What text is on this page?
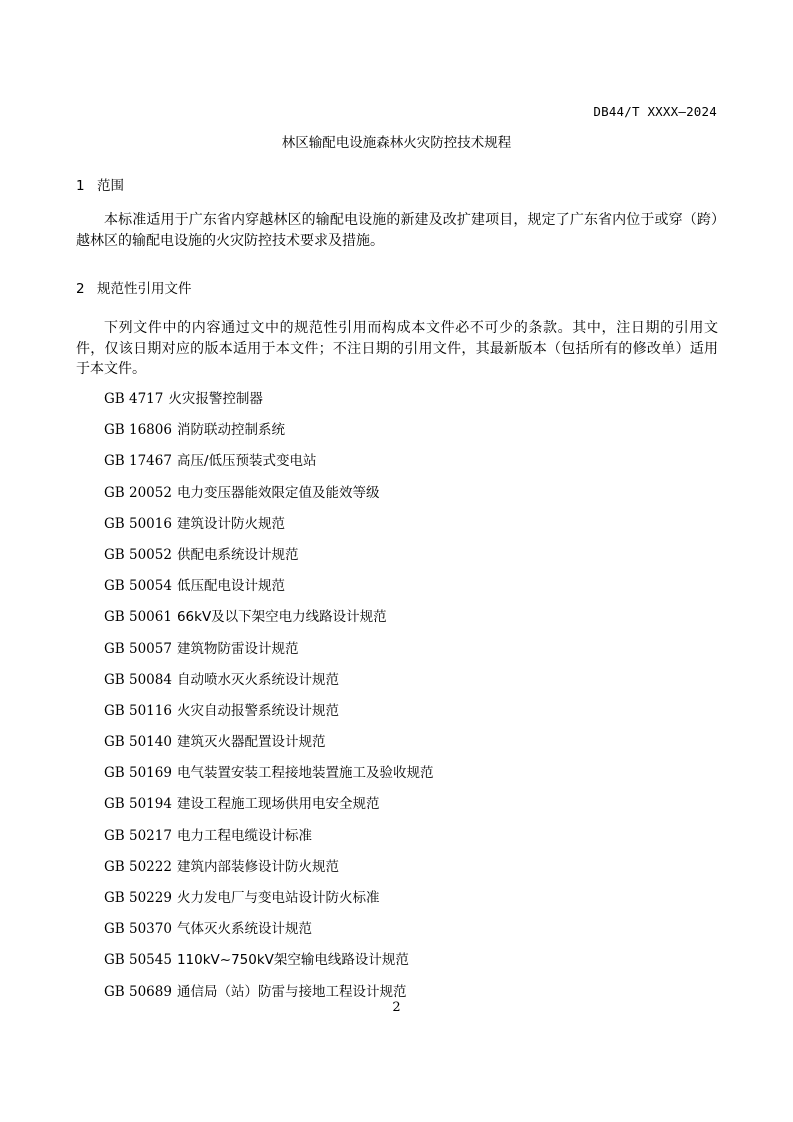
DB44/T XXXX—2024
林区输配电设施森林火灾防控技术规程
1 范围
本标准适用于广东省内穿越林区的输配电设施的新建及改扩建项目，规定了广东省内位于或穿（跨）越林区的输配电设施的火灾防控技术要求及措施。
2 规范性引用文件
下列文件中的内容通过文中的规范性引用而构成本文件必不可少的条款。其中，注日期的引用文件，仅该日期对应的版本适用于本文件；不注日期的引用文件，其最新版本（包括所有的修改单）适用于本文件。
GB 4717 火灾报警控制器
GB 16806 消防联动控制系统
GB 17467 高压/低压预装式变电站
GB 20052 电力变压器能效限定值及能效等级
GB 50016 建筑设计防火规范
GB 50052 供配电系统设计规范
GB 50054 低压配电设计规范
GB 50061 66kV及以下架空电力线路设计规范
GB 50057 建筑物防雷设计规范
GB 50084 自动喷水灭火系统设计规范
GB 50116 火灾自动报警系统设计规范
GB 50140 建筑灭火器配置设计规范
GB 50169 电气装置安装工程接地装置施工及验收规范
GB 50194 建设工程施工现场供用电安全规范
GB 50217 电力工程电缆设计标准
GB 50222 建筑内部装修设计防火规范
GB 50229 火力发电厂与变电站设计防火标准
GB 50370 气体灭火系统设计规范
GB 50545 110kV~750kV架空输电线路设计规范
GB 50689 通信局（站）防雷与接地工程设计规范
2
